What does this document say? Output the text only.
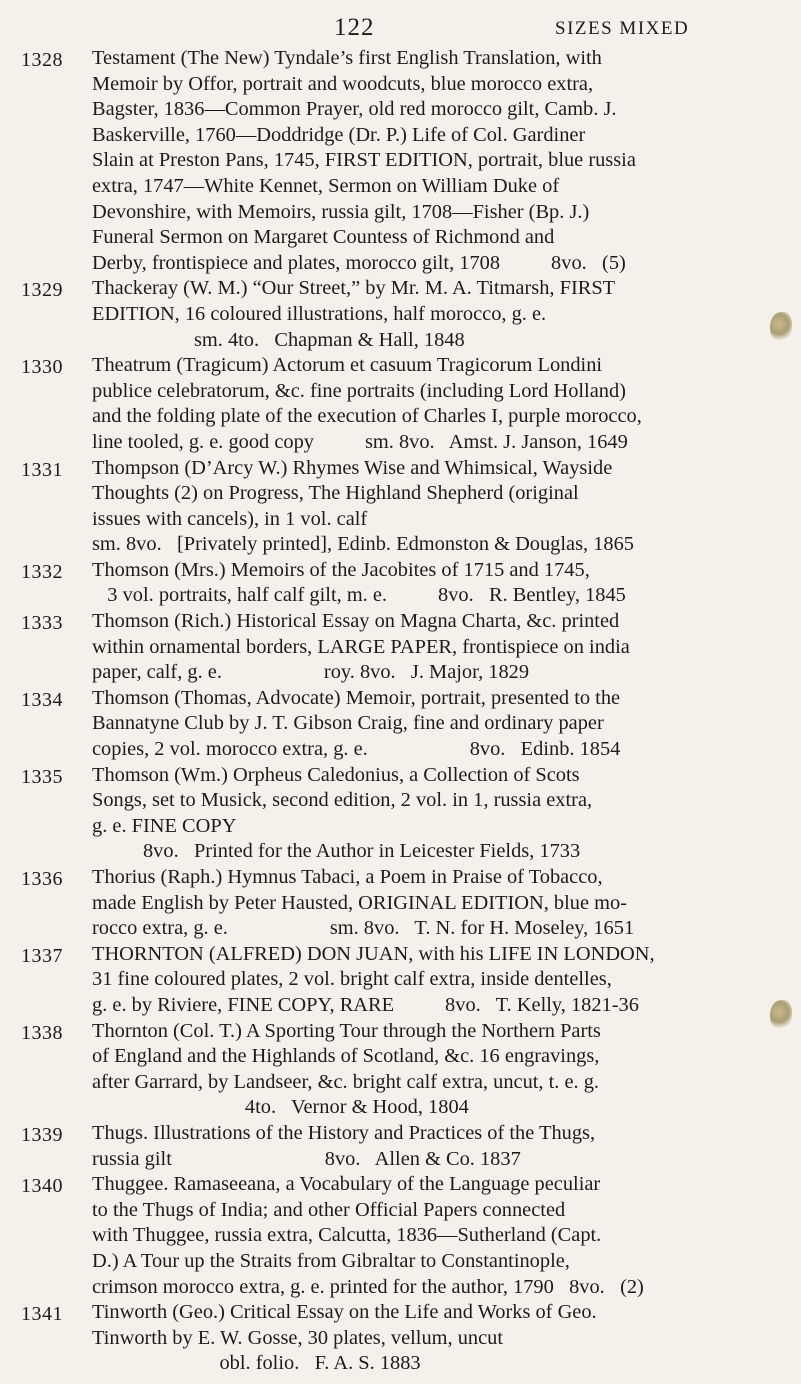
122	SIZES MIXED
1328	Testament (The New) Tyndale’s first English Translation, with
Memoir by Offor, portrait and woodcuts, blue morocco extra,
Bagster, 1836—Common Prayer, old red morocco gilt, Camb. J.
Baskerville, 1760—Doddridge (Dr. P.) Life of Col. Gardiner
Slain at Preston Pans, 1745, FIRST EDITION, portrait, blue russia
extra, 1747—White Kennet, Sermon on William Duke of
Devonshire, with Memoirs, russia gilt, 1708—Fisher (Bp. J.)
Funeral Sermon on Margaret Countess of Richmond and
Derby, frontispiece and plates, morocco gilt, 1708          8vo.   (5)
1329	Thackeray (W. M.) “Our Street,” by Mr. M. A. Titmarsh, FIRST
EDITION, 16 coloured illustrations, half morocco, g. e.
sm. 4to.   Chapman & Hall, 1848
1330	Theatrum (Tragicum) Actorum et casuum Tragicorum Londini
publice celebratorum, &c. fine portraits (including Lord Holland)
and the folding plate of the execution of Charles I, purple morocco,
line tooled, g. e. good copy          sm. 8vo.   Amst. J. Janson, 1649
1331	Thompson (D’Arcy W.) Rhymes Wise and Whimsical, Wayside
Thoughts (2) on Progress, The Highland Shepherd (original
issues with cancels), in 1 vol. calf
sm. 8vo.   [Privately printed], Edinb. Edmonston & Douglas, 1865
1332	Thomson (Mrs.) Memoirs of the Jacobites of 1715 and 1745,
3 vol. portraits, half calf gilt, m. e.          8vo.   R. Bentley, 1845
1333	Thomson (Rich.) Historical Essay on Magna Charta, &c. printed
within ornamental borders, LARGE PAPER, frontispiece on india
paper, calf, g. e.                    roy. 8vo.   J. Major, 1829
1334	Thomson (Thomas, Advocate) Memoir, portrait, presented to the
Bannatyne Club by J. T. Gibson Craig, fine and ordinary paper
copies, 2 vol. morocco extra, g. e.                    8vo.   Edinb. 1854
1335	Thomson (Wm.) Orpheus Caledonius, a Collection of Scots
Songs, set to Musick, second edition, 2 vol. in 1, russia extra,
g. e. FINE COPY
8vo.   Printed for the Author in Leicester Fields, 1733
1336	Thorius (Raph.) Hymnus Tabaci, a Poem in Praise of Tobacco,
made English by Peter Hausted, ORIGINAL EDITION, blue mo-
rocco extra, g. e.                    sm. 8vo.   T. N. for H. Moseley, 1651
1337	THORNTON (ALFRED) DON JUAN, with his LIFE IN LONDON,
31 fine coloured plates, 2 vol. bright calf extra, inside dentelles,
g. e. by Riviere, FINE COPY, RARE          8vo.   T. Kelly, 1821-36
1338	Thornton (Col. T.) A Sporting Tour through the Northern Parts
of England and the Highlands of Scotland, &c. 16 engravings,
after Garrard, by Landseer, &c. bright calf extra, uncut, t. e. g.
4to.   Vernor & Hood, 1804
1339	Thugs. Illustrations of the History and Practices of the Thugs,
russia gilt                              8vo.   Allen & Co. 1837
1340	Thuggee. Ramaseeana, a Vocabulary of the Language peculiar
to the Thugs of India; and other Official Papers connected
with Thuggee, russia extra, Calcutta, 1836—Sutherland (Capt.
D.) A Tour up the Straits from Gibraltar to Constantinople,
crimson morocco extra, g. e. printed for the author, 1790   8vo.   (2)
1341	Tinworth (Geo.) Critical Essay on the Life and Works of Geo.
Tinworth by E. W. Gosse, 30 plates, vellum, uncut
obl. folio.   F. A. S. 1883
